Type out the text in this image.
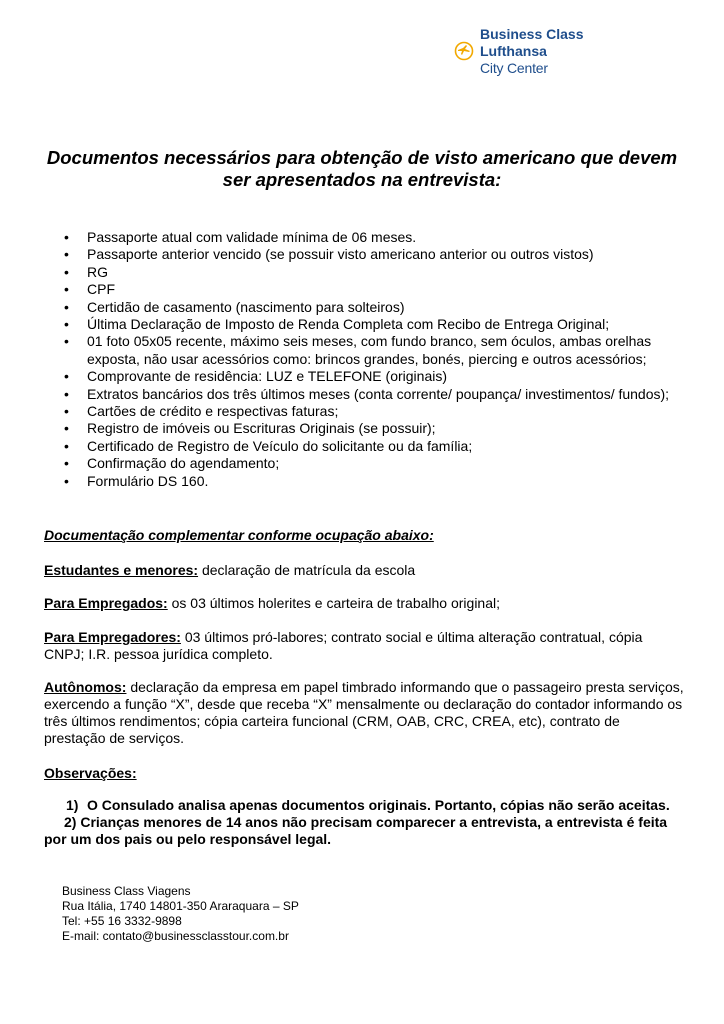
Business Class
Lufthansa
City Center
Documentos necessários para obtenção de visto americano que devem ser apresentados na entrevista:
• Passaporte atual com validade mínima de 06 meses.
• Passaporte anterior vencido (se possuir visto americano anterior ou outros vistos)
• RG
• CPF
• Certidão de casamento (nascimento para solteiros)
• Última Declaração de Imposto de Renda Completa com Recibo de Entrega Original;
• 01 foto 05x05 recente, máximo seis meses, com fundo branco, sem óculos, ambas orelhas exposta, não usar acessórios como: brincos grandes, bonés, piercing e outros acessórios;
• Comprovante de residência: LUZ e TELEFONE (originais)
• Extratos bancários dos três últimos meses (conta corrente/ poupança/ investimentos/ fundos);
• Cartões de crédito e respectivas faturas;
• Registro de imóveis ou Escrituras Originais (se possuir);
• Certificado de Registro de Veículo do solicitante ou da família;
• Confirmação do agendamento;
• Formulário DS 160.

Documentação complementar conforme ocupação abaixo:

Estudantes e menores: declaração de matrícula da escola

Para Empregados: os 03 últimos holerites e carteira de trabalho original;

Para Empregadores: 03 últimos pró-labores; contrato social e última alteração contratual, cópia CNPJ; I.R. pessoa jurídica completo.

Autônomos: declaração da empresa em papel timbrado informando que o passageiro presta serviços, exercendo a função “X”, desde que receba “X” mensalmente ou declaração do contador informando os três últimos rendimentos; cópia carteira funcional (CRM, OAB, CRC, CREA, etc), contrato de prestação de serviços.

Observações:

1) O Consulado analisa apenas documentos originais. Portanto, cópias não serão aceitas.
2) Crianças menores de 14 anos não precisam comparecer a entrevista, a entrevista é feita por um dos pais ou pelo responsável legal.
Business Class Viagens
Rua Itália, 1740 14801-350 Araraquara – SP
Tel: +55 16 3332-9898
E-mail: contato@businessclasstour.com.br
